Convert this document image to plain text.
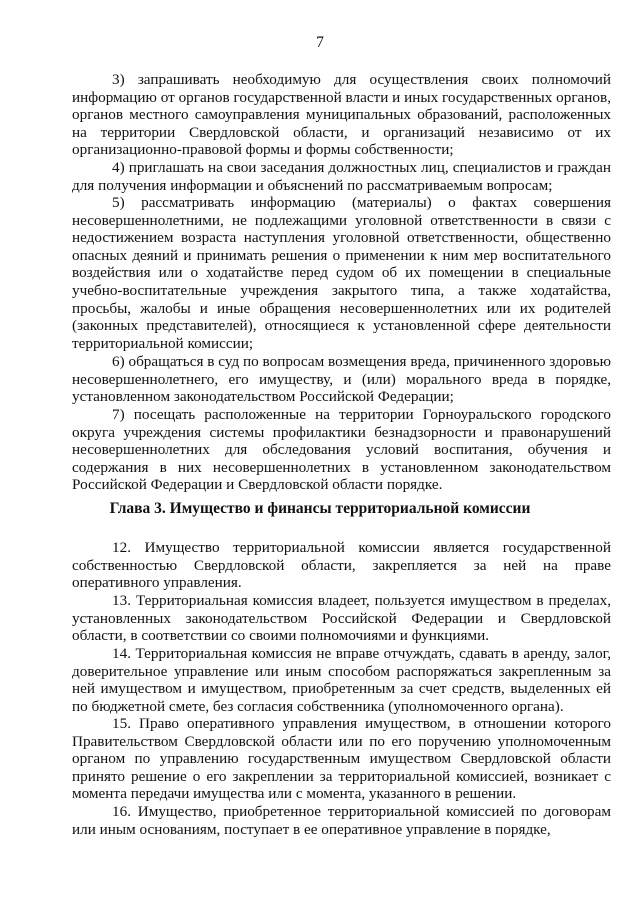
7

3) запрашивать необходимую для осуществления своих полномочий информацию от органов государственной власти и иных государственных органов, органов местного самоуправления муниципальных образований, расположенных на территории Свердловской области, и организаций независимо от их организационно-правовой формы и формы собственности;

4) приглашать на свои заседания должностных лиц, специалистов и граждан для получения информации и объяснений по рассматриваемым вопросам;

5) рассматривать информацию (материалы) о фактах совершения несовершеннолетними, не подлежащими уголовной ответственности в связи с недостижением возраста наступления уголовной ответственности, общественно опасных деяний и принимать решения о применении к ним мер воспитательного воздействия или о ходатайстве перед судом об их помещении в специальные учебно-воспитательные учреждения закрытого типа, а также ходатайства, просьбы, жалобы и иные обращения несовершеннолетних или их родителей (законных представителей), относящиеся к установленной сфере деятельности территориальной комиссии;

6) обращаться в суд по вопросам возмещения вреда, причиненного здоровью несовершеннолетнего, его имуществу, и (или) морального вреда в порядке, установленном законодательством Российской Федерации;

7) посещать расположенные на территории Горноуральского городского округа учреждения системы профилактики безнадзорности и правонарушений несовершеннолетних для обследования условий воспитания, обучения и содержания в них несовершеннолетних в установленном законодательством Российской Федерации и Свердловской области порядке.

Глава 3. Имущество и финансы территориальной комиссии

12. Имущество территориальной комиссии является государственной собственностью Свердловской области, закрепляется за ней на праве оперативного управления.

13. Территориальная комиссия владеет, пользуется имуществом в пределах, установленных законодательством Российской Федерации и Свердловской области, в соответствии со своими полномочиями и функциями.

14. Территориальная комиссия не вправе отчуждать, сдавать в аренду, залог, доверительное управление или иным способом распоряжаться закрепленным за ней имуществом и имуществом, приобретенным за счет средств, выделенных ей по бюджетной смете, без согласия собственника (уполномоченного органа).

15. Право оперативного управления имуществом, в отношении которого Правительством Свердловской области или по его поручению уполномоченным органом по управлению государственным имуществом Свердловской области принято решение о его закреплении за территориальной комиссией, возникает с момента передачи имущества или с момента, указанного в решении.

16. Имущество, приобретенное территориальной комиссией по договорам или иным основаниям, поступает в ее оперативное управление в порядке,
